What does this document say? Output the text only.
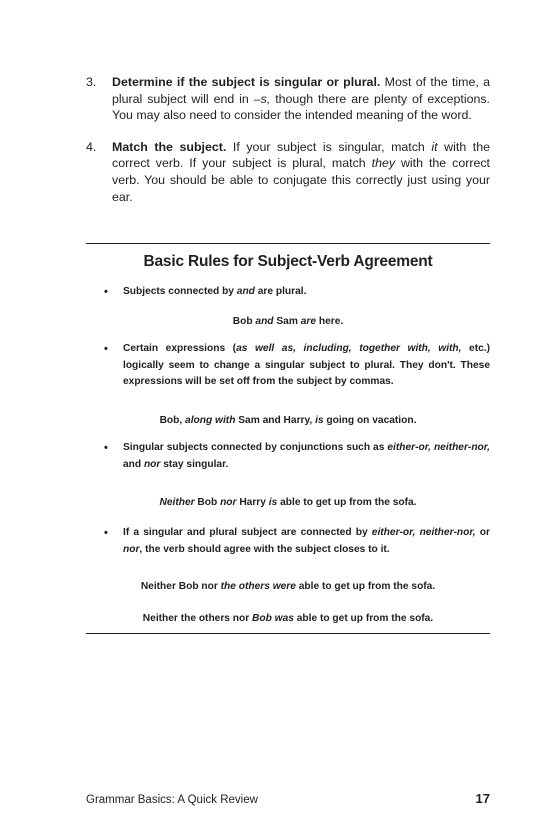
3.	Determine if the subject is singular or plural. Most of the time, a plural subject will end in –s, though there are plenty of exceptions. You may also need to consider the intended meaning of the word.
4.	Match the subject. If your subject is singular, match it with the correct verb. If your subject is plural, match they with the correct verb. You should be able to conjugate this correctly just using your ear.
Basic Rules for Subject-Verb Agreement
•	Subjects connected by and are plural.
Bob and Sam are here.
•	Certain expressions (as well as, including, together with, with, etc.) logically seem to change a singular subject to plural. They don't. These expressions will be set off from the subject by commas.
Bob, along with Sam and Harry, is going on vacation.
•	Singular subjects connected by conjunctions such as either-or, neither-nor, and nor stay singular.
Neither Bob nor Harry is able to get up from the sofa.
•	If a singular and plural subject are connected by either-or, neither-nor, or nor, the verb should agree with the subject closes to it.
Neither Bob nor the others were able to get up from the sofa.
Neither the others nor Bob was able to get up from the sofa.
Grammar Basics: A Quick Review	17
